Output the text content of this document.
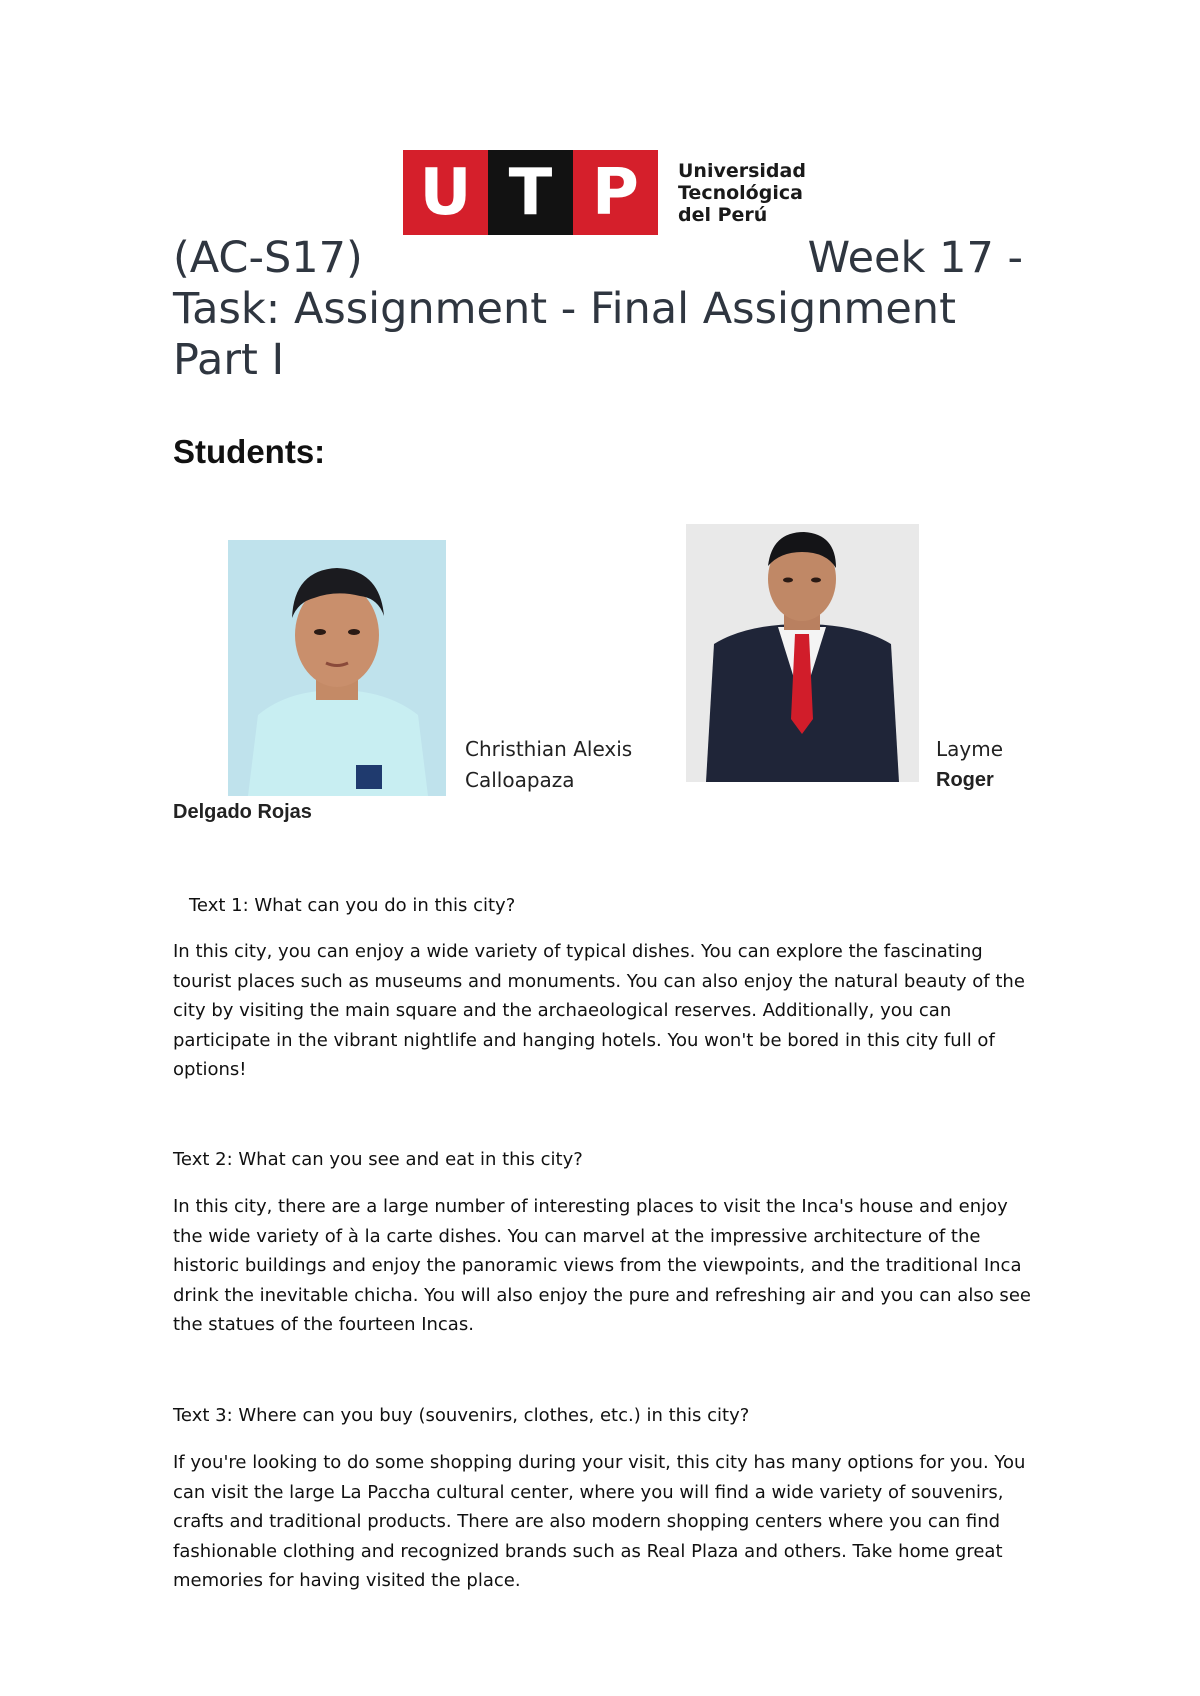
U T P	Universidad
Tecnológica
del Perú
(AC-S17)	Week 17 -
Task: Assignment - Final Assignment
Part I
Students:
Christhian Alexis
Calloapaza
Delgado Rojas
Layme
Roger
Text 1: What can you do in this city?
In this city, you can enjoy a wide variety of typical dishes. You can explore the fascinating tourist places such as museums and monuments. You can also enjoy the natural beauty of the city by visiting the main square and the archaeological reserves. Additionally, you can participate in the vibrant nightlife and hanging hotels. You won't be bored in this city full of options!
Text 2: What can you see and eat in this city?
In this city, there are a large number of interesting places to visit the Inca's house and enjoy the wide variety of à la carte dishes. You can marvel at the impressive architecture of the historic buildings and enjoy the panoramic views from the viewpoints, and the traditional Inca drink the inevitable chicha. You will also enjoy the pure and refreshing air and you can also see the statues of the fourteen Incas.
Text 3: Where can you buy (souvenirs, clothes, etc.) in this city?
If you're looking to do some shopping during your visit, this city has many options for you. You can visit the large La Paccha cultural center, where you will find a wide variety of souvenirs, crafts and traditional products. There are also modern shopping centers where you can find fashionable clothing and recognized brands such as Real Plaza and others. Take home great memories for having visited the place.
